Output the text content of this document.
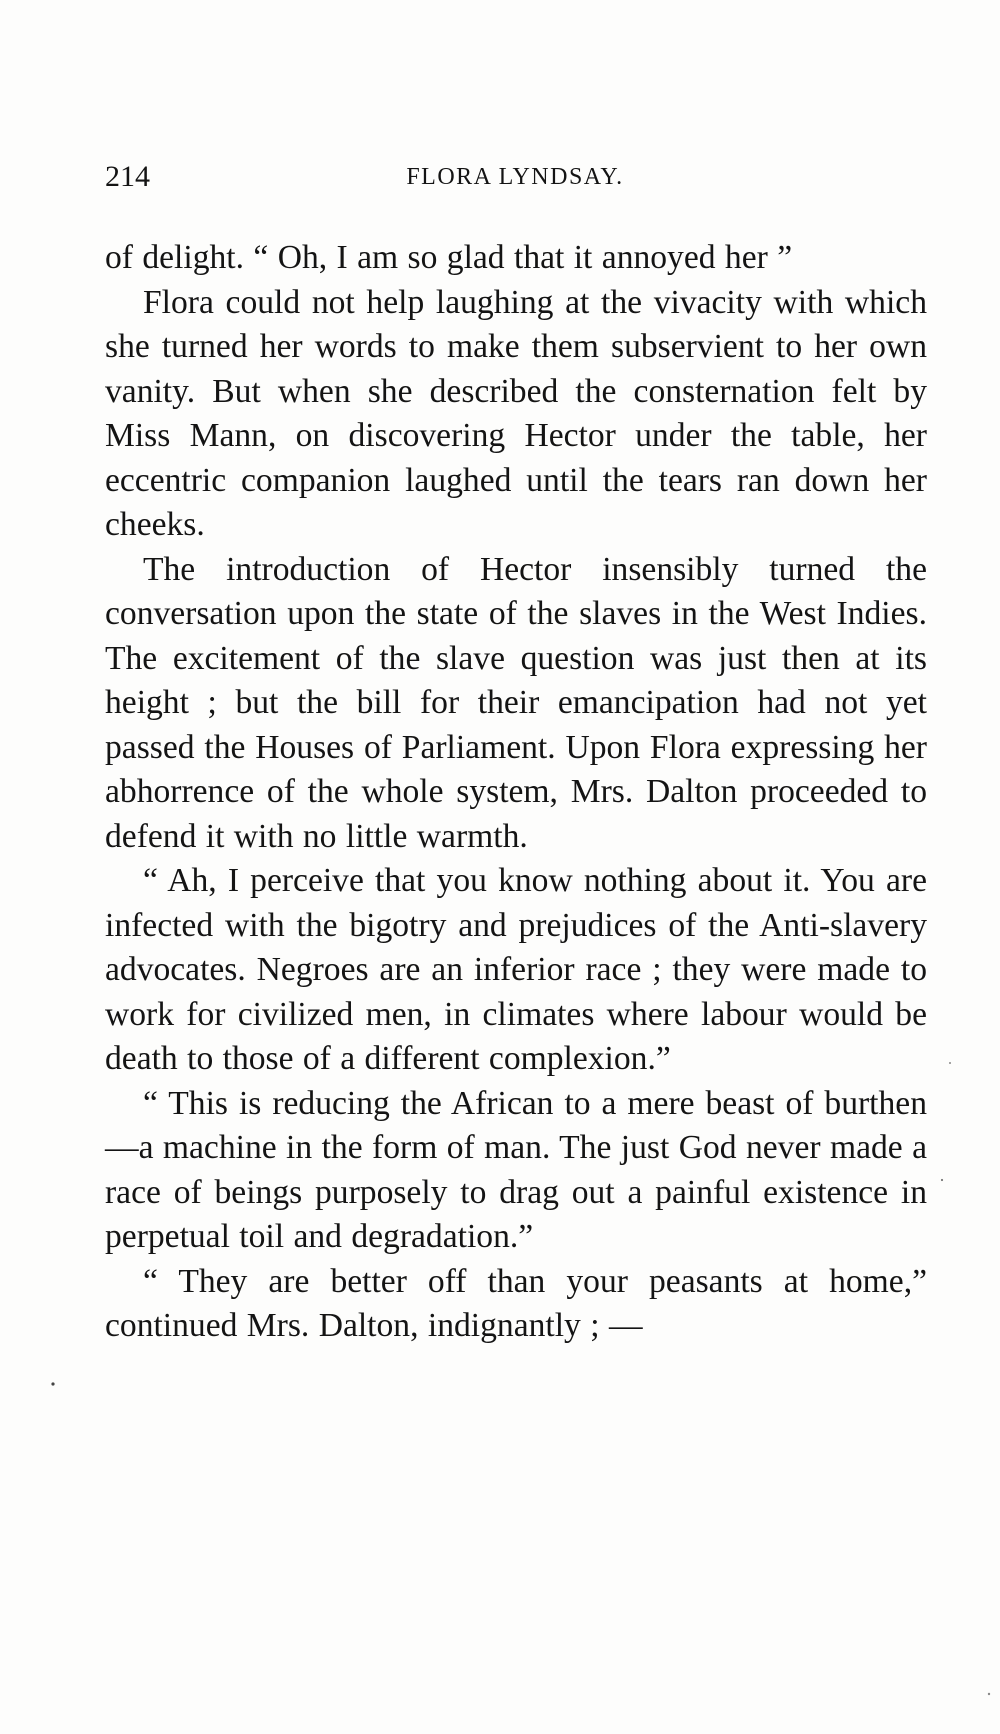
214	FLORA LYNDSAY.

of delight. “ Oh, I am so glad that it annoyed her ”

Flora could not help laughing at the vivacity with which she turned her words to make them subservient to her own vanity. But when she described the consternation felt by Miss Mann, on discovering Hector under the table, her eccentric companion laughed until the tears ran down her cheeks.

The introduction of Hector insensibly turned the conversation upon the state of the slaves in the West Indies. The excitement of the slave question was just then at its height ; but the bill for their emancipation had not yet passed the Houses of Parliament. Upon Flora expressing her abhorrence of the whole system, Mrs. Dalton proceeded to defend it with no little warmth.

“ Ah, I perceive that you know nothing about it. You are infected with the bigotry and prejudices of the Anti-slavery advocates. Negroes are an inferior race ; they were made to work for civilized men, in climates where labour would be death to those of a different complexion.”

“ This is reducing the African to a mere beast of burthen—a machine in the form of man. The just God never made a race of beings purposely to drag out a painful existence in perpetual toil and degradation.”

“ They are better off than your peasants at home,” continued Mrs. Dalton, indignantly ; —
